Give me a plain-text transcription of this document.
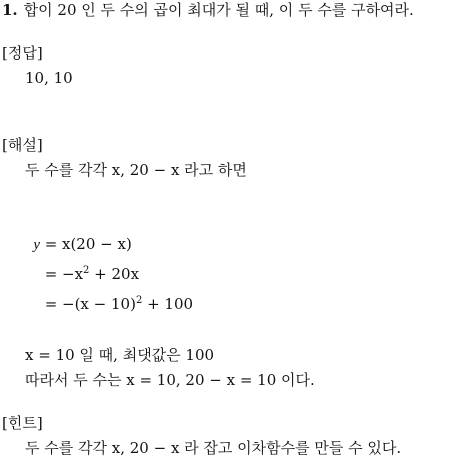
1. 합이 20 인 두 수의 곱이 최대가 될 때, 이 두 수를 구하여라.
[정답]
10, 10
[해설]
두 수를 각각 x, 20 − x 라고 하면
y = x(20 − x)
= $-x^2 + 20x$
= $-(x - 10)^2 + 100$
x = 10 일 때, 최댓값은 100
따라서 두 수는 x = 10, 20 − x = 10 이다.
[힌트]
두 수를 각각 x, 20 − x 라 잡고 이차함수를 만들 수 있다.
